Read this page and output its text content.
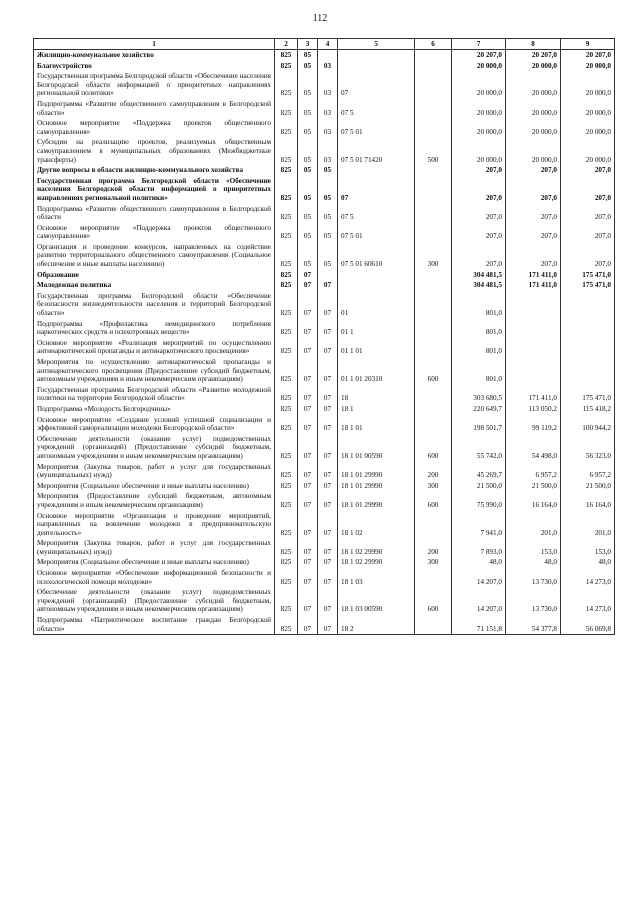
112
1	2	3	4	5	6	7	8	9
Жилищно-коммунальное хозяйство	825	05				20 207,0	20 207,0	20 207,0
Благоустройство	825	05	03			20 000,0	20 000,0	20 000,0
Государственная программа Белгородской области «Обеспечение населения Белгородской области информацией о приоритетных направлениях региональной политики»	825	05	03	07		20 000,0	20 000,0	20 000,0
Подпрограмма «Развитие общественного самоуправления в Белгородской области»	825	05	03	07 5		20 000,0	20 000,0	20 000,0
Основное мероприятие «Поддержка проектов общественного самоуправления»	825	05	03	07 5 01		20 000,0	20 000,0	20 000,0
Субсидии на реализацию проектов, реализуемых общественным самоуправлением в муниципальных образованиях (Межбюджетные трансферты)	825	05	03	07 5 01 71420	500	20 000,0	20 000,0	20 000,0
Другие вопросы в области жилищно-коммунального хозяйства	825	05	05			207,0	207,0	207,0
Государственная программа Белгородской области «Обеспечение населения Белгородской области информацией о приоритетных направлениях региональной политики»	825	05	05	07		207,0	207,0	207,0
Подпрограмма «Развитие общественного самоуправления в Белгородской области	825	05	05	07 5		207,0	207,0	207,0
Основное мероприятие «Поддержка проектов общественного самоуправления»	825	05	05	07 5 01		207,0	207,0	207,0
Организация и проведение конкурсов, направленных на содействие развитию территориального общественного самоуправления (Социальное обеспечение и иные выплаты населению)	825	05	05	07 5 01 60610	300	207,0	207,0	207,0
Образование	825	07				304 481,5	171 411,0	175 471,0
Молодежная политика	825	07	07			304 481,5	171 411,0	175 471,0
Государственная программа Белгородской области «Обеспечение безопасности жизнедеятельности населения и территорий Белгородской области»	825	07	07	01		801,0		
Подпрограмма «Профилактика немедицинского потребления наркотических средств и психотропных веществ»	825	07	07	01 1		801,0		
Основное мероприятие «Реализация мероприятий по осуществлению антинаркотической пропаганды и антинаркотического просвещения»	825	07	07	01 1 01		801,0		
Мероприятия по осуществлению антинаркотической пропаганды и антинаркотического просвещения (Предоставление субсидий бюджетным, автономным учреждениям и иным некоммерческим организациям)	825	07	07	01 1 01 20310	600	801,0		
Государственная программа Белгородской области «Развитие молодежной политики на территории Белгородской области»	825	07	07	18		303 680,5	171 411,0	175 471,0
Подпрограмма «Молодость Белгородчины»	825	07	07	18 1		220 649,7	113 050,2	115 418,2
Основное мероприятие «Создание условий успешной социализации и эффективной самореализации молодежи Белгородской области»	825	07	07	18 1 01		198 501,7	99 119,2	100 944,2
Обеспечение деятельности (оказание услуг) подведомственных учреждений (организаций) (Предоставление субсидий бюджетным, автономным учреждениям и иным некоммерческим организациям)	825	07	07	18 1 01 00590	600	55 742,0	54 498,0	56 323,0
Мероприятия (Закупка товаров, работ и услуг для государственных (муниципальных) нужд)	825	07	07	18 1 01 29990	200	45 269,7	6 957,2	6 957,2
Мероприятия (Социальное обеспечение и иные выплаты населению)	825	07	07	18 1 01 29990	300	21 500,0	21 500,0	21 500,0
Мероприятия (Предоставление субсидий бюджетным, автономным учреждениям и иным некоммерческим организациям)	825	07	07	18 1 01 29990	600	75 990,0	16 164,0	16 164,0
Основное мероприятие «Организация и проведение мероприятий, направленных на вовлечение молодежи в предпринимательскую деятельность»	825	07	07	18 1 02		7 941,0	201,0	201,0
Мероприятия (Закупка товаров, работ и услуг для государственных (муниципальных) нужд)	825	07	07	18 1 02 29990	200	7 893,0	153,0	153,0
Мероприятия (Социальное обеспечение и иные выплаты населению)	825	07	07	18 1 02 29990	300	48,0	48,0	48,0
Основное мероприятие «Обеспечение информационной безопасности и психологической помощи молодежи»	825	07	07	18 1 03		14 207,0	13 730,0	14 273,0
Обеспечение деятельности (оказание услуг) подведомственных учреждений (организаций) (Предоставление субсидий бюджетным, автономным учреждениям и иным некоммерческим организациям)	825	07	07	18 1 03 00590	600	14 207,0	13 730,0	14 273,0
Подпрограмма «Патриотическое воспитание граждан Белгородской области»	825	07	07	18 2		71 151,8	54 377,8	56 069,8
